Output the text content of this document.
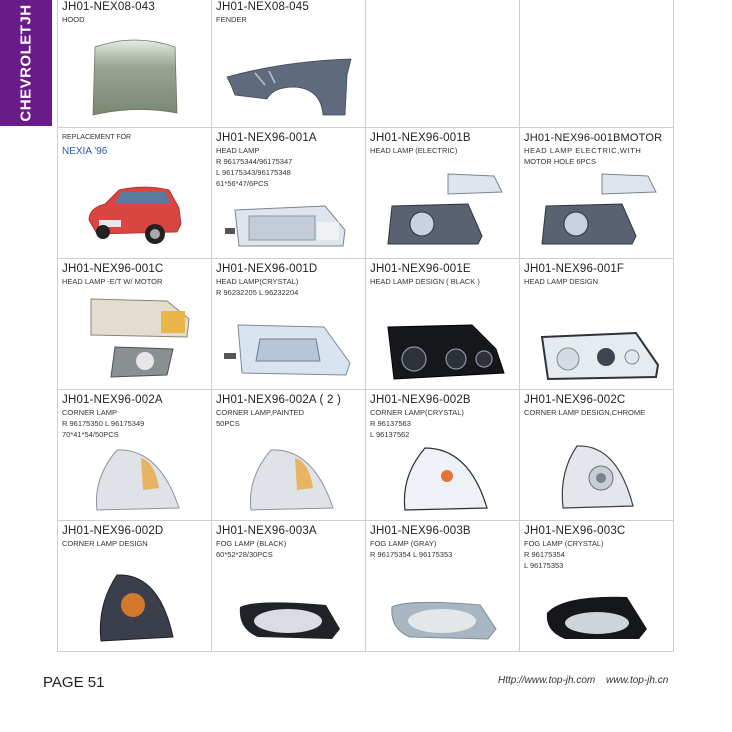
CHEVROLETJH JH01-NEX08-043
HOOD

JH01-NEX08-045
FENDER

REPLACEMENT FOR
NEXIA '96

JH01-NEX96-001A
HEAD LAMP
R 96175344/96175347
L 96175343/96175348
61*56*47/6PCS

JH01-NEX96-001B
HEAD LAMP (ELECTRIC)

JH01-NEX96-001BMOTOR
HEAD LAMP ELECTRIC,WITH
MOTOR HOLE 6PCS

JH01-NEX96-001C
HEAD LAMP -E/T W/ MOTOR

JH01-NEX96-001D
HEAD LAMP(CRYSTAL)
R 96232205 L 96232204

JH01-NEX96-001E
HEAD LAMP DESIGN ( BLACK )

JH01-NEX96-001F
HEAD LAMP DESIGN

JH01-NEX96-002A
CORNER LAMP
R 96175350 L 96175349
70*41*54/50PCS

JH01-NEX96-002A ( 2 )
CORNER LAMP,PAINTED
50PCS

JH01-NEX96-002B
CORNER LAMP(CRYSTAL)
R 96137563
L 96137562

JH01-NEX96-002C
CORNER LAMP DESIGN,CHROME

JH01-NEX96-002D
CORNER LAMP DESIGN

JH01-NEX96-003A
FOG LAMP (BLACK)
60*52*28/30PCS

JH01-NEX96-003B
FOG LAMP (GRAY)
R 96175354 L 96175353

JH01-NEX96-003C
FOG LAMP (CRYSTAL)
R 96175354
L 96175353
PAGE 51	Http://www.top-jh.com www.top-jh.cn
